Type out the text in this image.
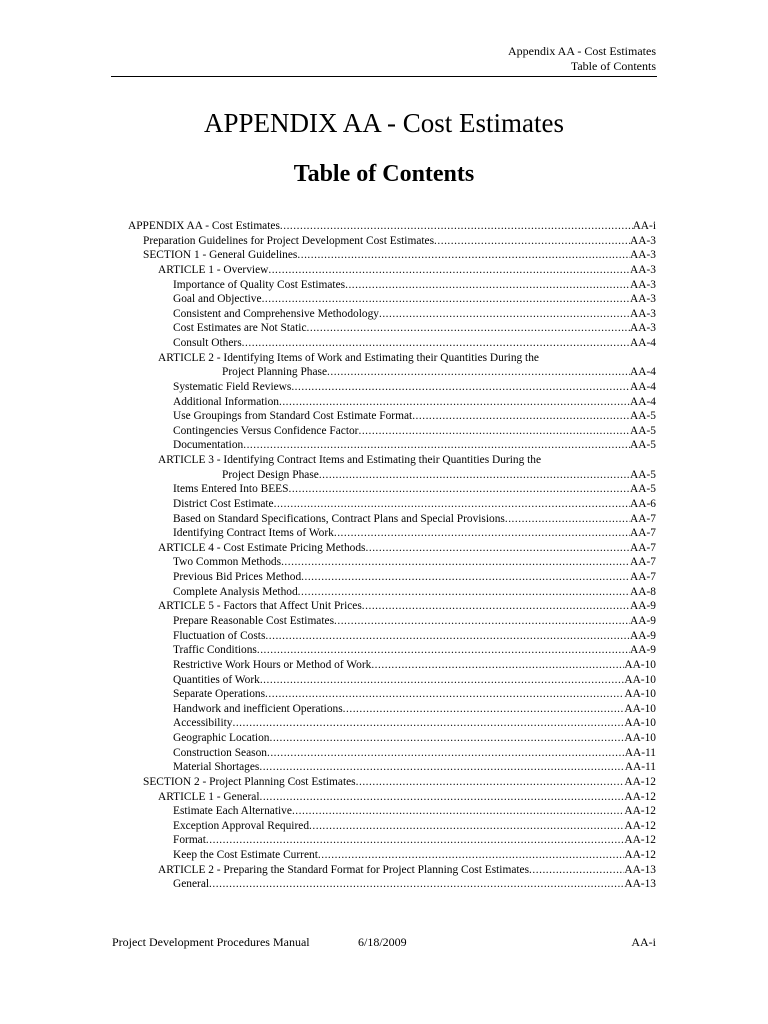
Appendix AA - Cost Estimates
Table of Contents
APPENDIX AA - Cost Estimates
Table of Contents
APPENDIX AA - Cost Estimates .....	AA-i
Preparation Guidelines for Project Development Cost Estimates .....	AA-3
SECTION 1 - General Guidelines .....	AA-3
ARTICLE 1 - Overview .....	AA-3
Importance of Quality Cost Estimates .....	AA-3
Goal and Objective .....	AA-3
Consistent and Comprehensive Methodology .....	AA-3
Cost Estimates are Not Static .....	AA-3
Consult Others .....	AA-4
ARTICLE 2 - Identifying Items of Work and Estimating their Quantities During the
Project Planning Phase .....	AA-4
Systematic Field Reviews .....	AA-4
Additional Information .....	AA-4
Use Groupings from Standard Cost Estimate Format .....	AA-5
Contingencies Versus Confidence Factor .....	AA-5
Documentation .....	AA-5
ARTICLE 3 - Identifying Contract Items and Estimating their Quantities During the
Project Design Phase .....	AA-5
Items Entered Into BEES .....	AA-5
District Cost Estimate .....	AA-6
Based on Standard Specifications, Contract Plans and Special Provisions .....	AA-7
Identifying Contract Items of Work .....	AA-7
ARTICLE 4 - Cost Estimate Pricing Methods .....	AA-7
Two Common Methods .....	AA-7
Previous Bid Prices Method .....	AA-7
Complete Analysis Method .....	AA-8
ARTICLE 5 - Factors that Affect Unit Prices .....	AA-9
Prepare Reasonable Cost Estimates .....	AA-9
Fluctuation of Costs .....	AA-9
Traffic Conditions .....	AA-9
Restrictive Work Hours or Method of Work .....	AA-10
Quantities of Work .....	AA-10
Separate Operations .....	AA-10
Handwork and inefficient Operations .....	AA-10
Accessibility .....	AA-10
Geographic Location .....	AA-10
Construction Season .....	AA-11
Material Shortages .....	AA-11
SECTION 2 - Project Planning Cost Estimates .....	AA-12
ARTICLE 1 - General .....	AA-12
Estimate Each Alternative .....	AA-12
Exception Approval Required .....	AA-12
Format .....	AA-12
Keep the Cost Estimate Current .....	AA-12
ARTICLE 2 - Preparing the Standard Format for Project Planning Cost Estimates .....	AA-13
General .....	AA-13
Project Development Procedures Manual	6/18/2009	AA-i
